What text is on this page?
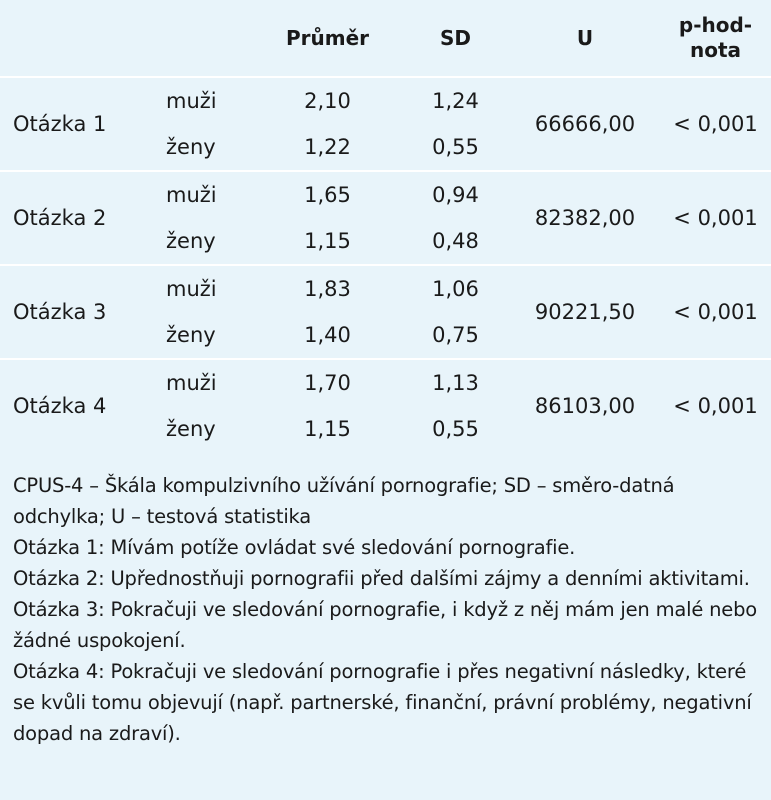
		Průměr	SD	U	p-hod-
nota
Otázka 1	muži	2,10	1,24	66666,00	< 0,001
	ženy	1,22	0,55		
Otázka 2	muži	1,65	0,94	82382,00	< 0,001
	ženy	1,15	0,48		
Otázka 3	muži	1,83	1,06	90221,50	< 0,001
	ženy	1,40	0,75		
Otázka 4	muži	1,70	1,13	86103,00	< 0,001
	ženy	1,15	0,55		
CPUS-4 – Škála kompulzivního užívání pornografie; SD – směro-datná odchylka; U – testová statistika
Otázka 1: Mívám potíže ovládat své sledování pornografie.
Otázka 2: Upřednostňuji pornografii před dalšími zájmy a denními aktivitami.
Otázka 3: Pokračuji ve sledování pornografie, i když z něj mám jen malé nebo žádné uspokojení.
Otázka 4: Pokračuji ve sledování pornografie i přes negativní následky, které se kvůli tomu objevují (např. partnerské, finanční, právní problémy, negativní dopad na zdraví).
